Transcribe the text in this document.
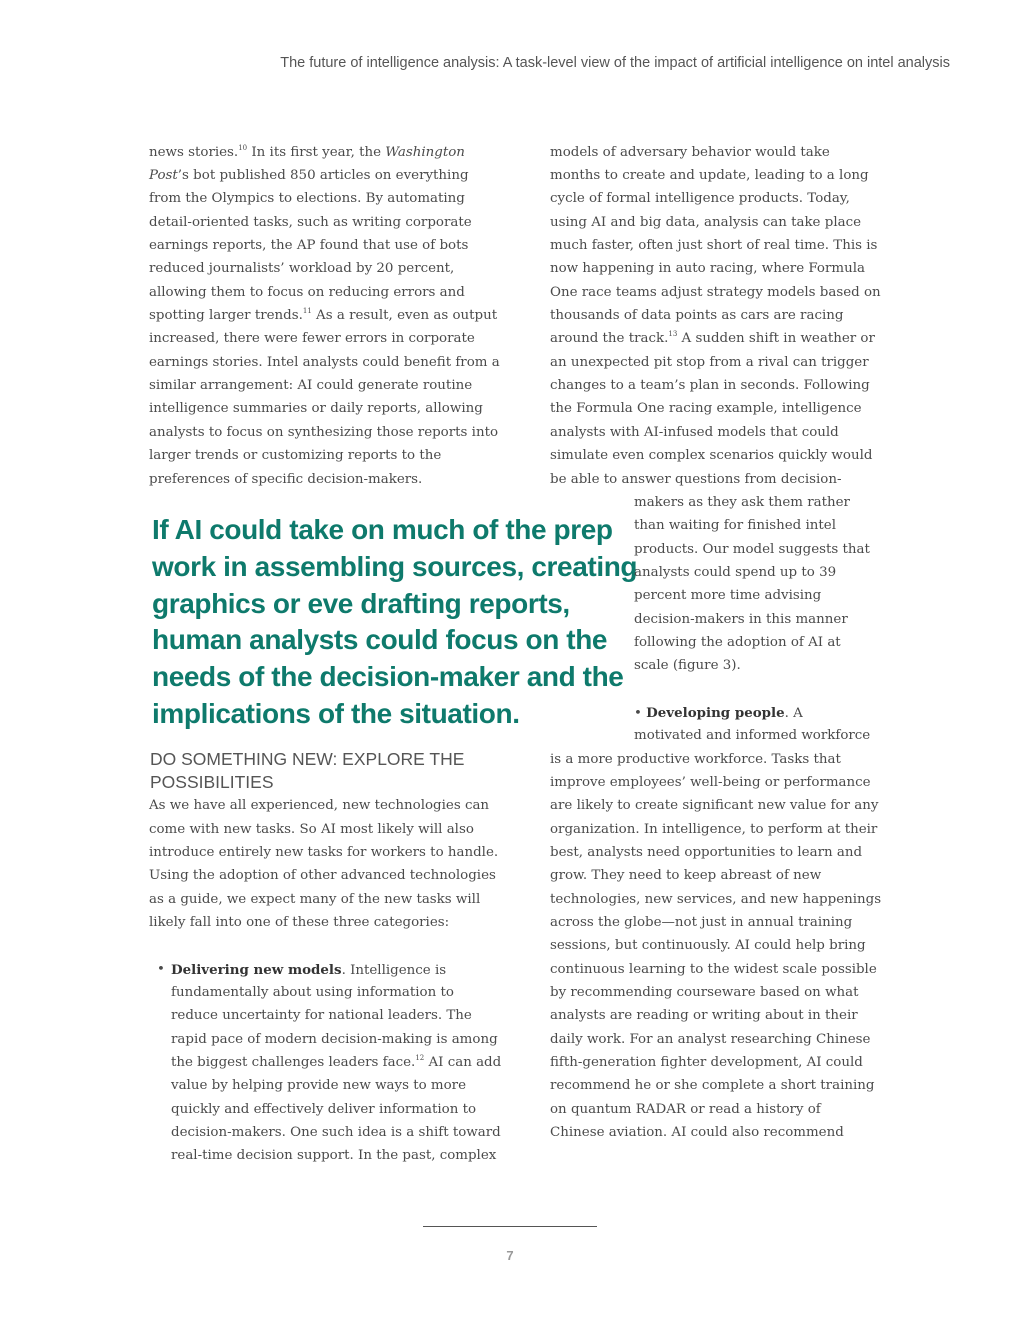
The future of intelligence analysis: A task-level view of the impact of artificial intelligence on intel analysis
news stories.$^{10}$ In its first year, the Washington
Post’s bot published 850 articles on everything
from the Olympics to elections. By automating
detail-oriented tasks, such as writing corporate
earnings reports, the AP found that use of bots
reduced journalists’ workload by 20 percent,
allowing them to focus on reducing errors and
spotting larger trends.$^{11}$ As a result, even as output
increased, there were fewer errors in corporate
earnings stories. Intel analysts could benefit from a
similar arrangement: AI could generate routine
intelligence summaries or daily reports, allowing
analysts to focus on synthesizing those reports into
larger trends or customizing reports to the
preferences of specific decision-makers.
If AI could take on much of the prep
work in assembling sources, creating
graphics or eve drafting reports,
human analysts could focus on the
needs of the decision-maker and the
implications of the situation.
DO SOMETHING NEW: EXPLORE THE
POSSIBILITIES
As we have all experienced, new technologies can
come with new tasks. So AI most likely will also
introduce entirely new tasks for workers to handle.
Using the adoption of other advanced technologies
as a guide, we expect many of the new tasks will
likely fall into one of these three categories:
• Delivering new models. Intelligence is
fundamentally about using information to
reduce uncertainty for national leaders. The
rapid pace of modern decision-making is among
the biggest challenges leaders face.$^{12}$ AI can add
value by helping provide new ways to more
quickly and effectively deliver information to
decision-makers. One such idea is a shift toward
real-time decision support. In the past, complex
models of adversary behavior would take
months to create and update, leading to a long
cycle of formal intelligence products. Today,
using AI and big data, analysis can take place
much faster, often just short of real time. This is
now happening in auto racing, where Formula
One race teams adjust strategy models based on
thousands of data points as cars are racing
around the track.$^{13}$ A sudden shift in weather or
an unexpected pit stop from a rival can trigger
changes to a team’s plan in seconds. Following
the Formula One racing example, intelligence
analysts with AI-infused models that could
simulate even complex scenarios quickly would
be able to answer questions from decision-
makers as they ask them rather
than waiting for finished intel
products. Our model suggests that
analysts could spend up to 39
percent more time advising
decision-makers in this manner
following the adoption of AI at
scale (figure 3).
• Developing people. A
motivated and informed workforce
is a more productive workforce. Tasks that
improve employees’ well-being or performance
are likely to create significant new value for any
organization. In intelligence, to perform at their
best, analysts need opportunities to learn and
grow. They need to keep abreast of new
technologies, new services, and new happenings
across the globe—not just in annual training
sessions, but continuously. AI could help bring
continuous learning to the widest scale possible
by recommending courseware based on what
analysts are reading or writing about in their
daily work. For an analyst researching Chinese
fifth-generation fighter development, AI could
recommend he or she complete a short training
on quantum RADAR or read a history of
Chinese aviation. AI could also recommend
7
